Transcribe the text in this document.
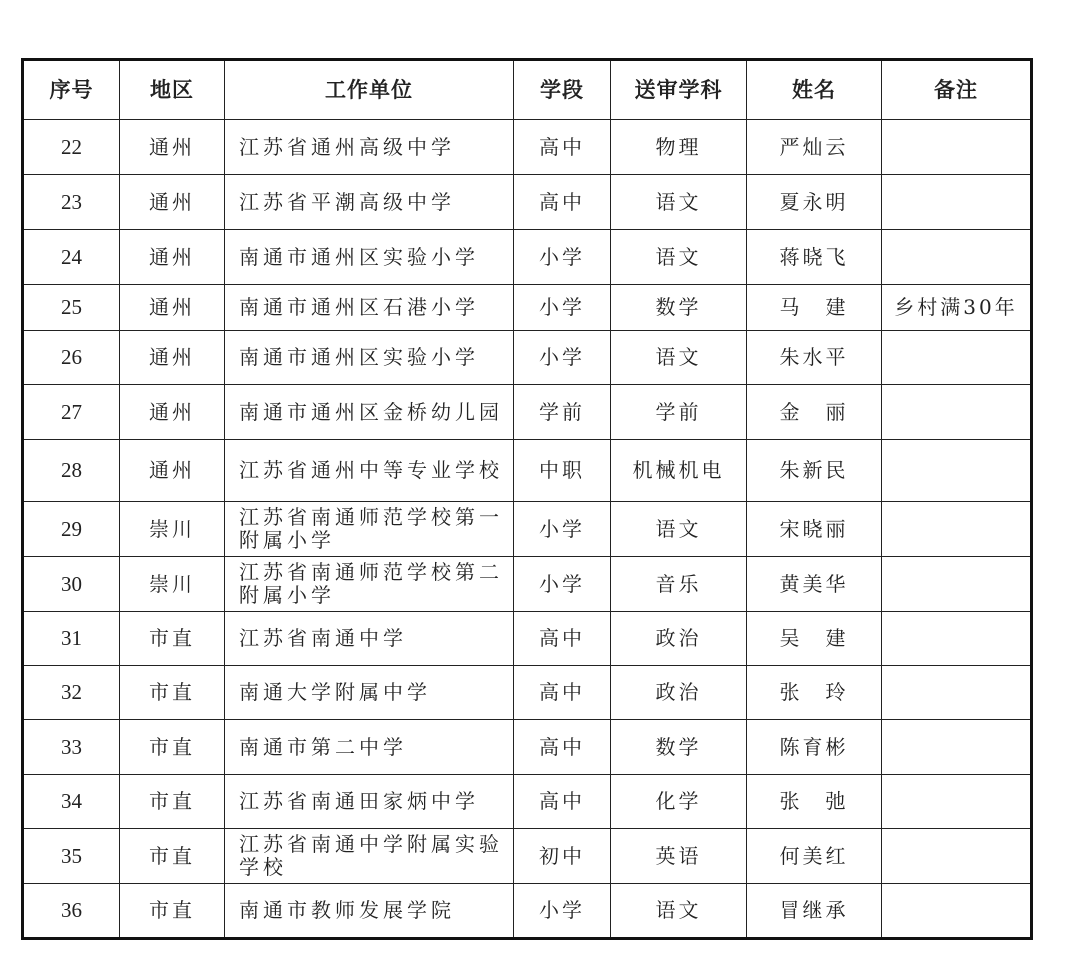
序号	地区	工作单位	学段	送审学科	姓名	备注
22	通州	江苏省通州高级中学	高中	物理	严灿云	
23	通州	江苏省平潮高级中学	高中	语文	夏永明	
24	通州	南通市通州区实验小学	小学	语文	蒋晓飞	
25	通州	南通市通州区石港小学	小学	数学	马　建	乡村满30年
26	通州	南通市通州区实验小学	小学	语文	朱水平	
27	通州	南通市通州区金桥幼儿园	学前	学前	金　丽	
28	通州	江苏省通州中等专业学校	中职	机械机电	朱新民	
29	崇川	江苏省南通师范学校第一附属小学	小学	语文	宋晓丽	
30	崇川	江苏省南通师范学校第二附属小学	小学	音乐	黄美华	
31	市直	江苏省南通中学	高中	政治	吴　建	
32	市直	南通大学附属中学	高中	政治	张　玲	
33	市直	南通市第二中学	高中	数学	陈育彬	
34	市直	江苏省南通田家炳中学	高中	化学	张　弛	
35	市直	江苏省南通中学附属实验学校	初中	英语	何美红	
36	市直	南通市教师发展学院	小学	语文	冒继承	
